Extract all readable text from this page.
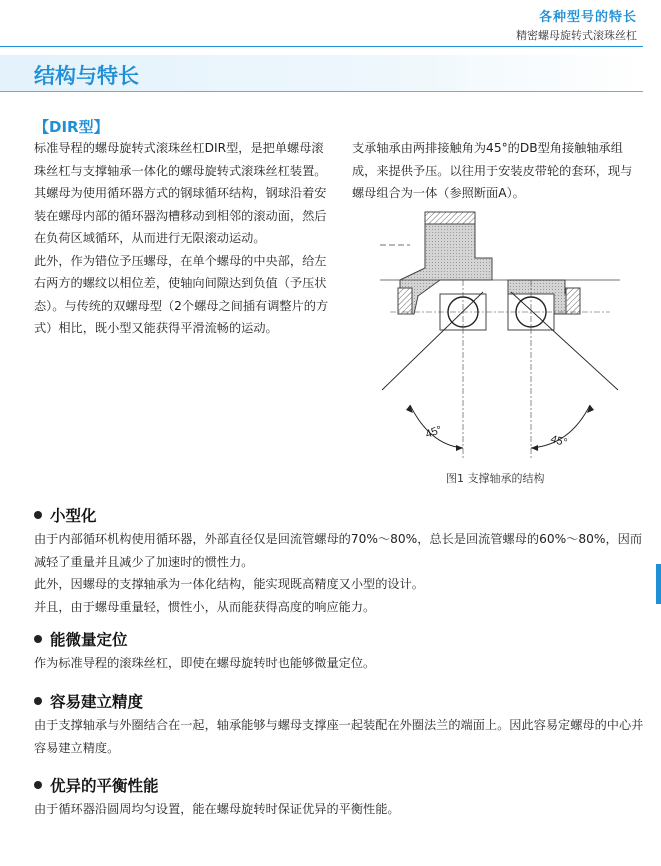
各种型号的特长
精密螺母旋转式滚珠丝杠
结构与特长
【DIR型】

标准导程的螺母旋转式滚珠丝杠DIR型，是把单螺母滚珠丝杠与支撑轴承一体化的螺母旋转式滚珠丝杠装置。

其螺母为使用循环器方式的钢球循环结构，钢球沿着安装在螺母内部的循环器沟槽移动到相邻的滚动面，然后在负荷区域循环，从而进行无限滚动运动。

此外，作为错位予压螺母，在单个螺母的中央部，给左右两方的螺纹以相位差，使轴向间隙达到负值（予压状态）。与传统的双螺母型（2个螺母之间插有调整片的方式）相比，既小型又能获得平滑流畅的运动。

支承轴承由两排接触角为45°的DB型角接触轴承组成，来提供予压。以往用于安装皮带轮的套环，现与螺母组合为一体（参照断面A）。

45°
45°
图1 支撑轴承的结构
小型化

由于内部循环机构使用循环器，外部直径仅是回流管螺母的70%～80%，总长是回流管螺母的60%～80%，因而减轻了重量并且减少了加速时的惯性力。

此外，因螺母的支撑轴承为一体化结构，能实现既高精度又小型的设计。

并且，由于螺母重量轻，惯性小，从而能获得高度的响应能力。

能微量定位

作为标准导程的滚珠丝杠，即使在螺母旋转时也能够微量定位。

容易建立精度

由于支撑轴承与外圈结合在一起，轴承能够与螺母支撑座一起装配在外圈法兰的端面上。因此容易定螺母的中心并容易建立精度。

优异的平衡性能

由于循环器沿圆周均匀设置，能在螺母旋转时保证优异的平衡性能。
